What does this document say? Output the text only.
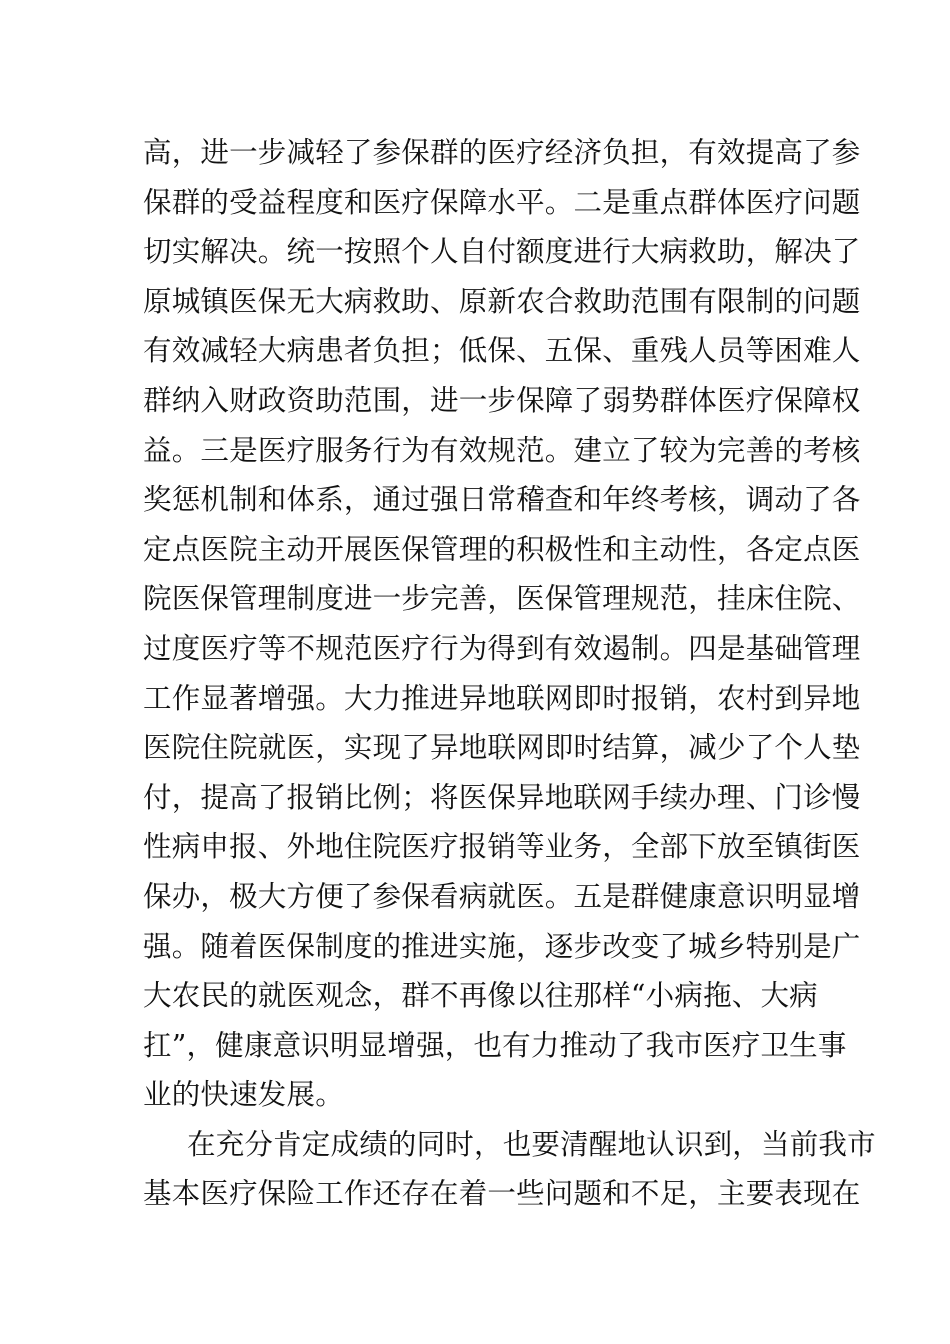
高，进一步减轻了参保群的医疗经济负担，有效提高了参
保群的受益程度和医疗保障水平。二是重点群体医疗问题
切实解决。统一按照个人自付额度进行大病救助，解决了
原城镇医保无大病救助、原新农合救助范围有限制的问题
有效减轻大病患者负担；低保、五保、重残人员等困难人
群纳入财政资助范围，进一步保障了弱势群体医疗保障权
益。三是医疗服务行为有效规范。建立了较为完善的考核
奖惩机制和体系，通过强日常稽查和年终考核，调动了各
定点医院主动开展医保管理的积极性和主动性，各定点医
院医保管理制度进一步完善，医保管理规范，挂床住院、
过度医疗等不规范医疗行为得到有效遏制。四是基础管理
工作显著增强。大力推进异地联网即时报销，农村到异地
医院住院就医，实现了异地联网即时结算，减少了个人垫
付，提高了报销比例；将医保异地联网手续办理、门诊慢
性病申报、外地住院医疗报销等业务，全部下放至镇街医
保办，极大方便了参保看病就医。五是群健康意识明显增
强。随着医保制度的推进实施，逐步改变了城乡特别是广
大农民的就医观念，群不再像以往那样“小病拖、大病
扛”，健康意识明显增强，也有力推动了我市医疗卫生事
业的快速发展。
在充分肯定成绩的同时，也要清醒地认识到，当前我市
基本医疗保险工作还存在着一些问题和不足，主要表现在
